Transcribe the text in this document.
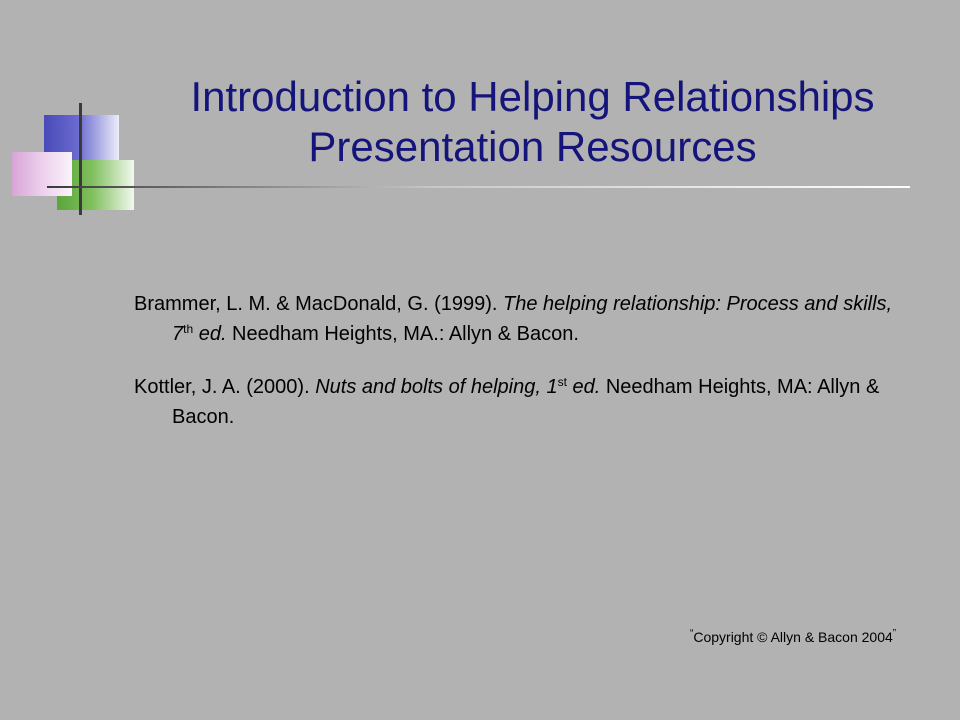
Introduction to Helping Relationships
Presentation Resources

Brammer, L. M. & MacDonald, G. (1999). The helping relationship: Process and skills, 7th ed. Needham Heights, MA.: Allyn & Bacon.

Kottler, J. A. (2000). Nuts and bolts of helping, 1st ed. Needham Heights, MA: Allyn & Bacon.

“Copyright © Allyn & Bacon 2004”
